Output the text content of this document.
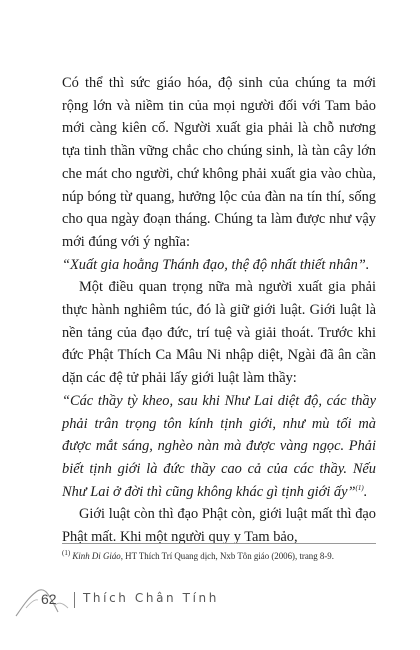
Có thể thì sức giáo hóa, độ sinh của chúng ta mới rộng lớn và niềm tin của mọi người đối với Tam bảo mới càng kiên cố. Người xuất gia phải là chỗ nương tựa tinh thần vững chắc cho chúng sinh, là tàn cây lớn che mát cho người, chứ không phải xuất gia vào chùa, núp bóng từ quang, hưởng lộc của đàn na tín thí, sống cho qua ngày đoạn tháng. Chúng ta làm được như vậy mới đúng với ý nghĩa:

“Xuất gia hoằng Thánh đạo, thệ độ nhất thiết nhân”.

Một điều quan trọng nữa mà người xuất gia phải thực hành nghiêm túc, đó là giữ giới luật. Giới luật là nền tảng của đạo đức, trí tuệ và giải thoát. Trước khi đức Phật Thích Ca Mâu Ni nhập diệt, Ngài đã ân cần dặn các đệ tử phải lấy giới luật làm thầy:

“Các thầy tỳ kheo, sau khi Như Lai diệt độ, các thầy phải trân trọng tôn kính tịnh giới, như mù tối mà được mắt sáng, nghèo nàn mà được vàng ngọc. Phải biết tịnh giới là đức thầy cao cả của các thầy. Nếu Như Lai ở đời thì cũng không khác gì tịnh giới ấy”$^{(1)}$.

Giới luật còn thì đạo Phật còn, giới luật mất thì đạo Phật mất. Khi một người quy y Tam bảo,

$^{(1)}$ Kinh Di Giáo, HT Thích Trí Quang dịch, Nxb Tôn giáo (2006), trang 8-9.
62 Thích Chân Tính
